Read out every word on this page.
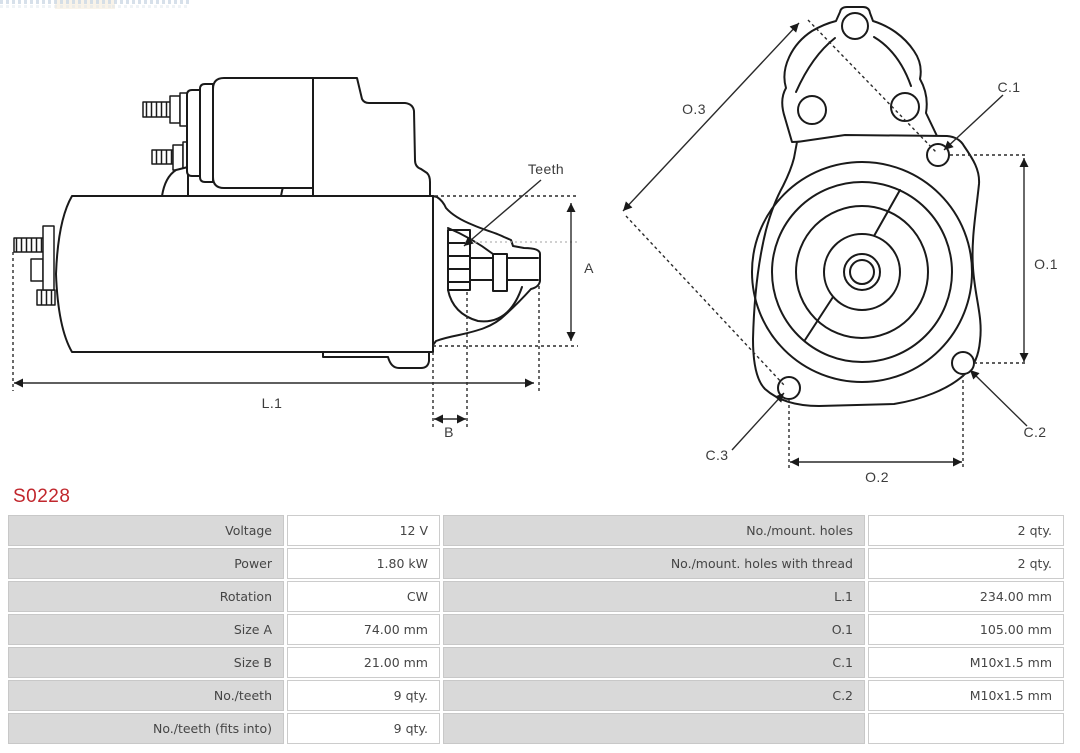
Teeth
A
L.1
B
O.3
C.1
O.1
C.3
C.2
O.2
S0228
Voltage	12 V	No./mount. holes	2 qty.
Power	1.80 kW	No./mount. holes with thread	2 qty.
Rotation	CW	L.1	234.00 mm
Size A	74.00 mm	O.1	105.00 mm
Size B	21.00 mm	C.1	M10x1.5 mm
No./teeth	9 qty.	C.2	M10x1.5 mm
No./teeth (fits into)	9 qty.		
